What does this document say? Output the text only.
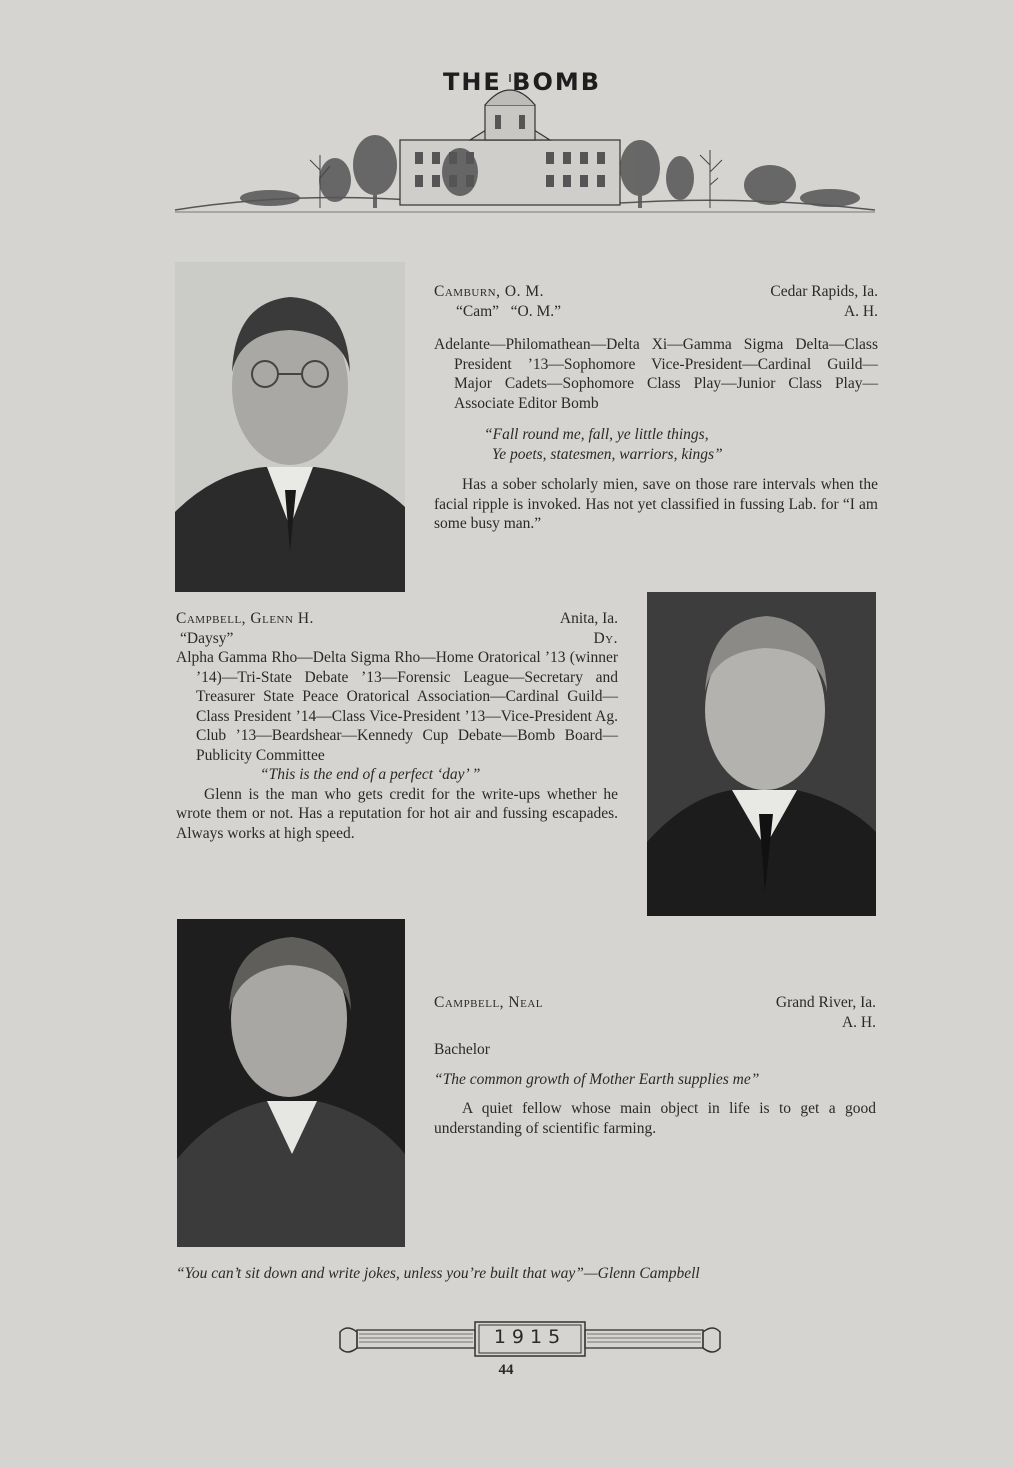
THE BOMB
Camburn, O. M.	Cedar Rapids, Ia.
“Cam”   “O. M.”	A. H.
Adelante—Philomathean—Delta Xi—Gamma Sigma Delta—Class President ’13—Sophomore Vice-President—Cardinal Guild—Major Cadets—Sophomore Class Play—Junior Class Play—Associate Editor Bomb
“Fall round me, fall, ye little things,
Ye poets, statesmen, warriors, kings”
Has a sober scholarly mien, save on those rare intervals when the facial ripple is invoked. Has not yet classified in fussing Lab. for “I am some busy man.”
Campbell, Glenn H.	Anita, Ia.
“Daysy”	Dy.
Alpha Gamma Rho—Delta Sigma Rho—Home Oratorical ’13 (winner ’14)—Tri-State Debate ’13—Forensic League—Secretary and Treasurer State Peace Oratorical Association—Cardinal Guild—Class President ’14—Class Vice-President ’13—Vice-President Ag. Club ’13—Beardshear—Kennedy Cup Debate—Bomb Board—Publicity Committee
“This is the end of a perfect ‘day’ ”
Glenn is the man who gets credit for the write-ups whether he wrote them or not. Has a reputation for hot air and fussing escapades. Always works at high speed.
Campbell, Neal	Grand River, Ia.
A. H.
Bachelor
“The common growth of Mother Earth supplies me”
A quiet fellow whose main object in life is to get a good understanding of scientific farming.
“You can’t sit down and write jokes, unless you’re built that way”—Glenn Campbell
1915
44
